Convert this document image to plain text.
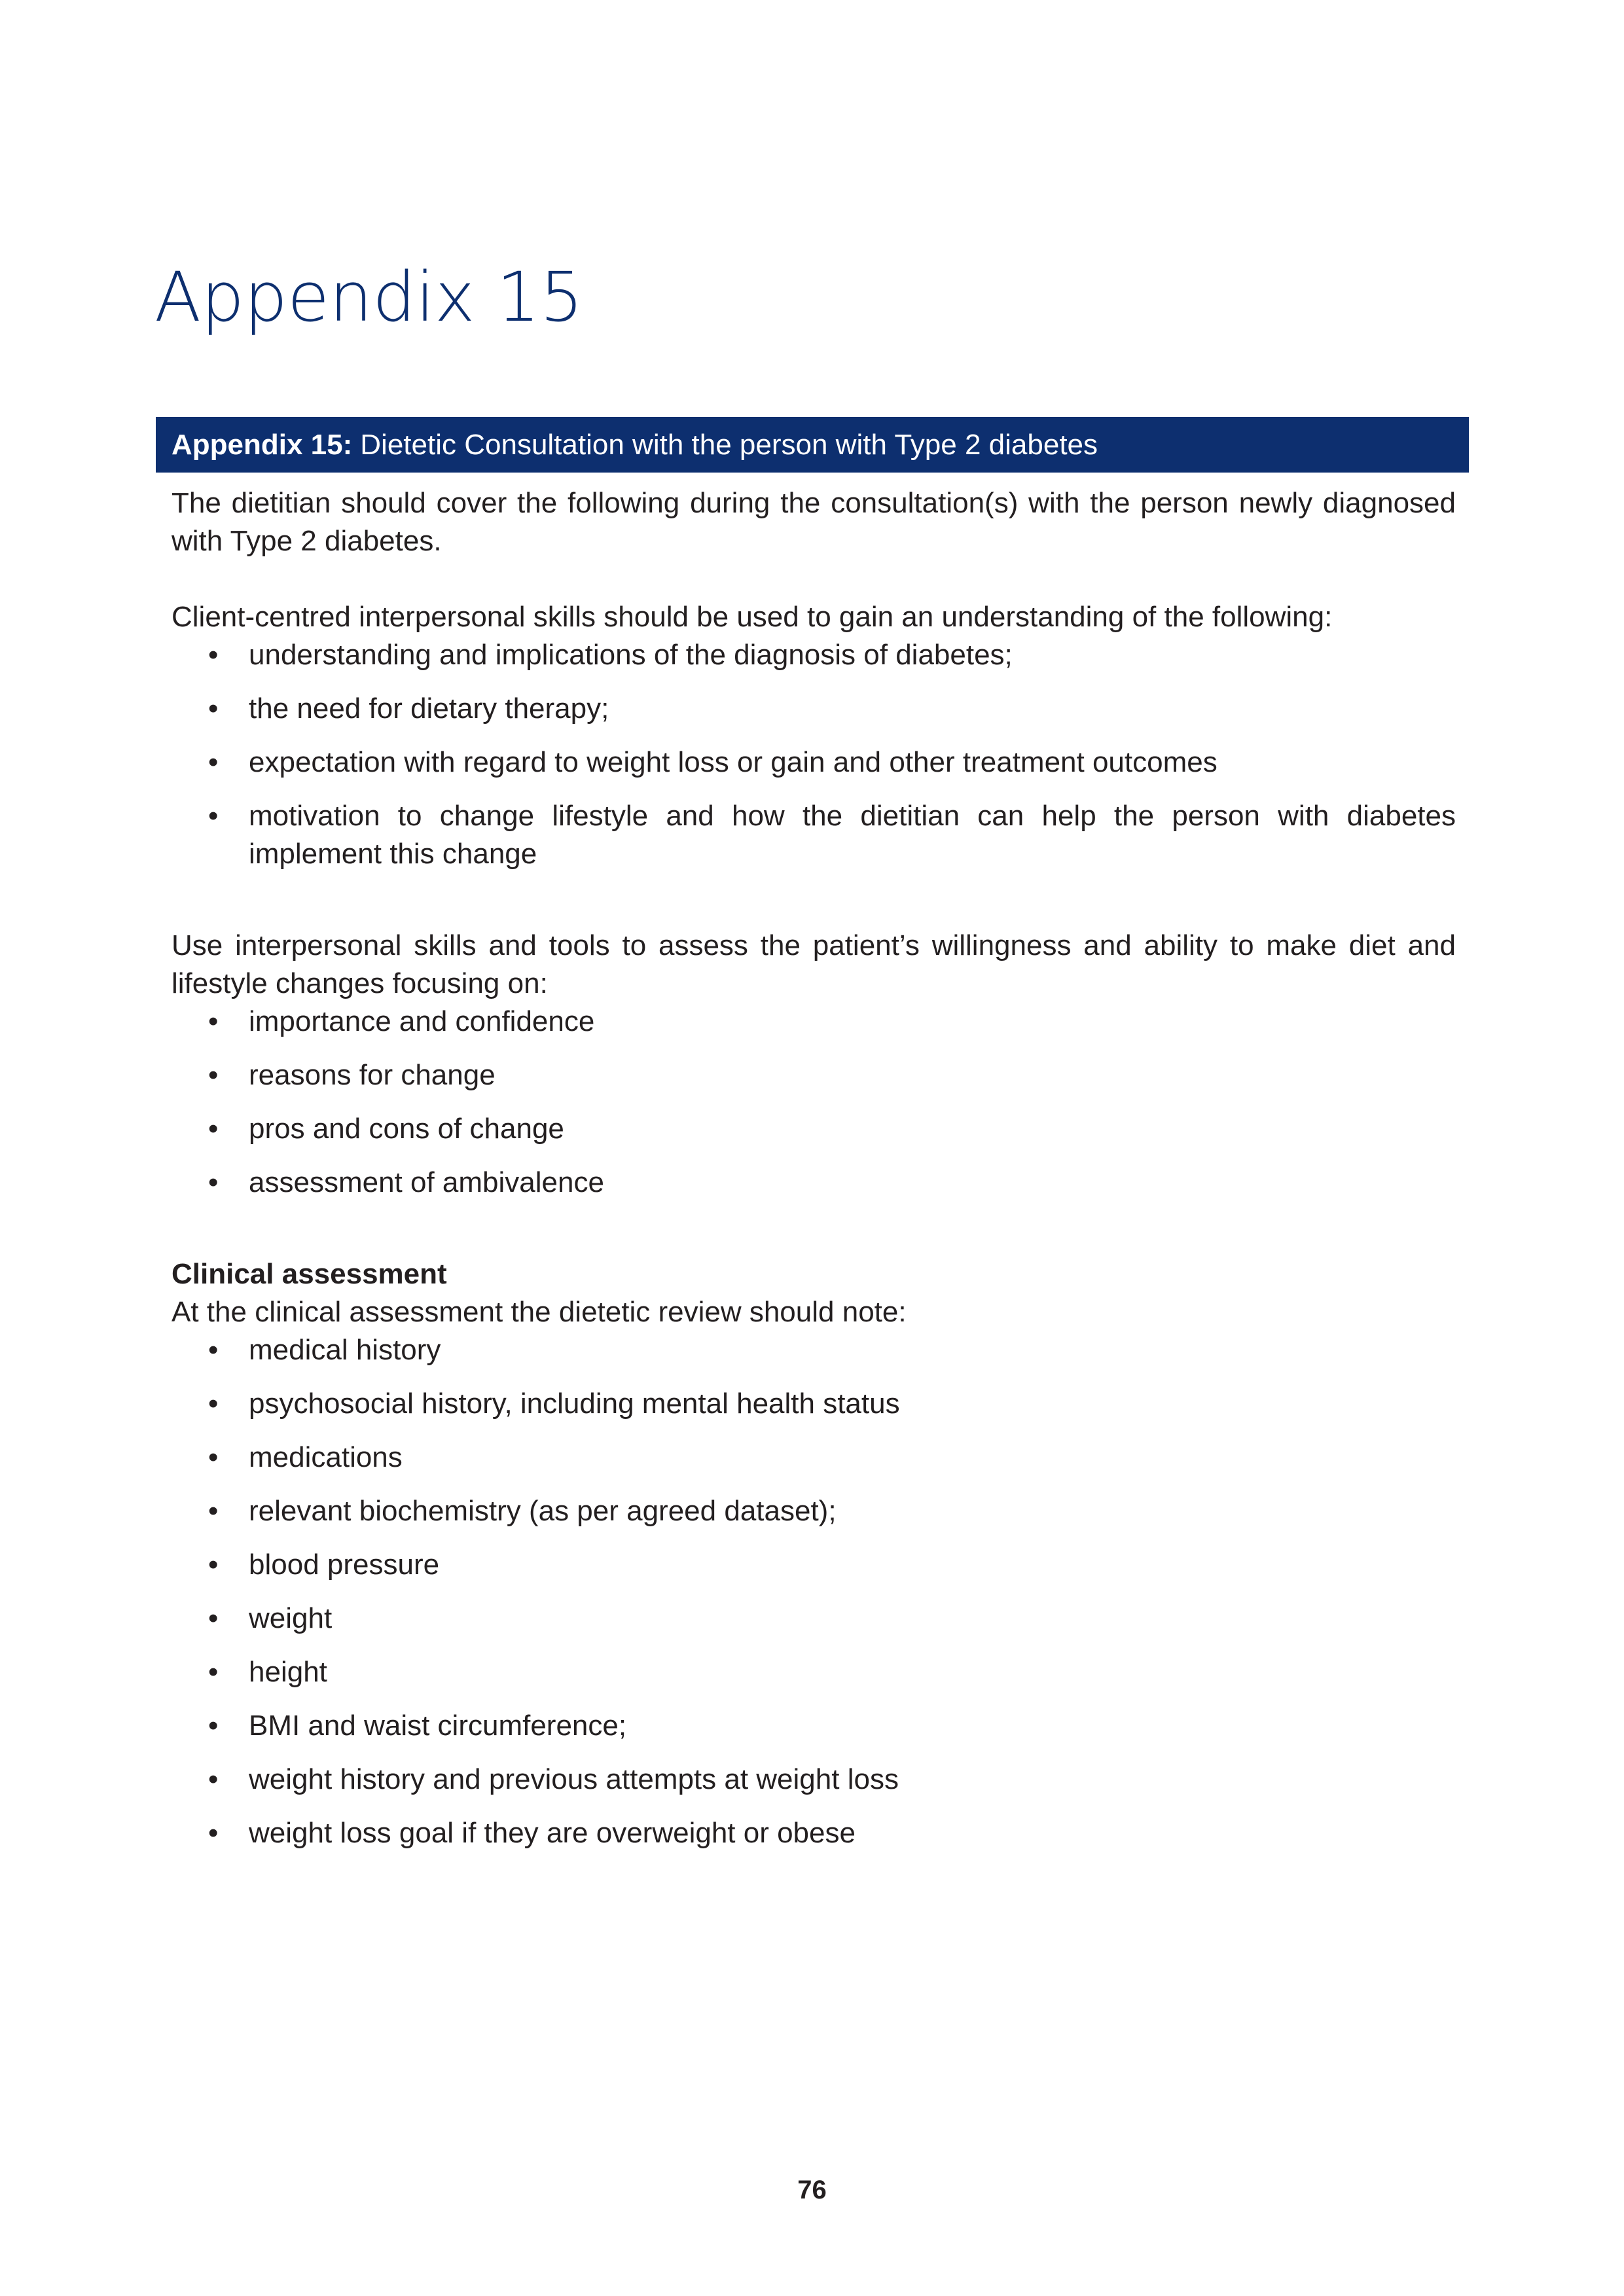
Appendix 15
Appendix 15: Dietetic Consultation with the person with Type 2 diabetes

The dietitian should cover the following during the consultation(s) with the person newly diagnosed with Type 2 diabetes.

Client-centred interpersonal skills should be used to gain an understanding of the following:

• understanding and implications of the diagnosis of diabetes;
• the need for dietary therapy;
• expectation with regard to weight loss or gain and other treatment outcomes
• motivation to change lifestyle and how the dietitian can help the person with diabetes implement this change

Use interpersonal skills and tools to assess the patient’s willingness and ability to make diet and lifestyle changes focusing on:

• importance and confidence
• reasons for change
• pros and cons of change
• assessment of ambivalence

Clinical assessment

At the clinical assessment the dietetic review should note:

• medical history
• psychosocial history, including mental health status
• medications
• relevant biochemistry (as per agreed dataset);
• blood pressure
• weight
• height
• BMI and waist circumference;
• weight history and previous attempts at weight loss
• weight loss goal if they are overweight or obese
76
